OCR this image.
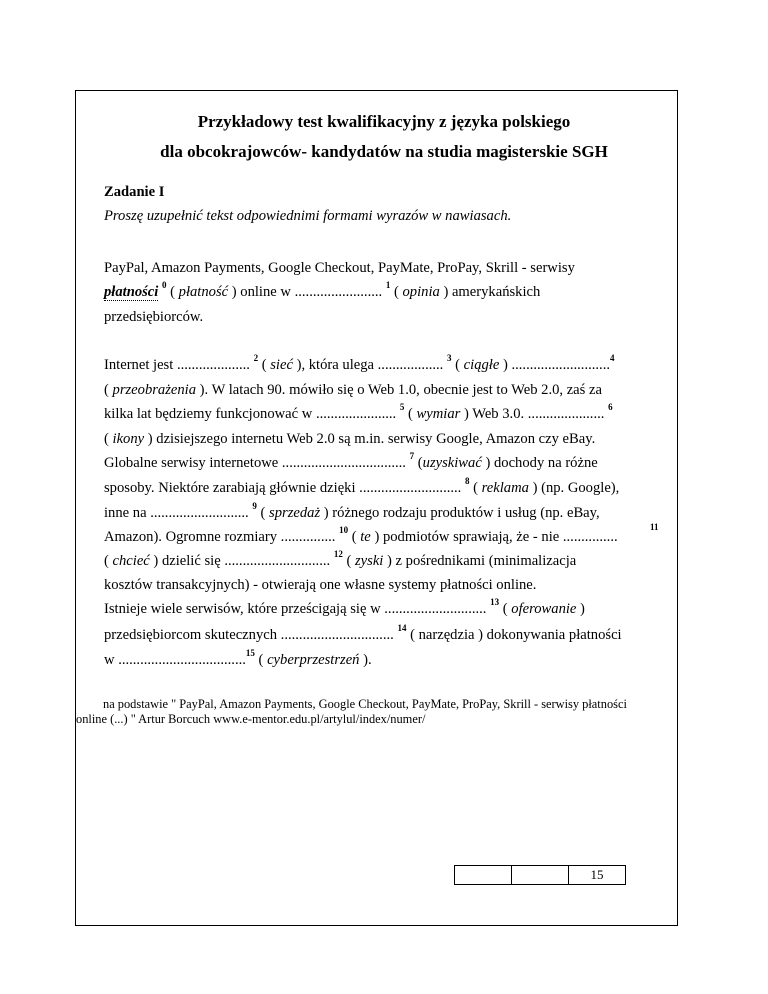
Przykładowy test kwalifikacyjny z języka polskiego
dla obcokrajowców- kandydatów na studia magisterskie SGH
Zadanie I
Proszę uzupełnić tekst odpowiednimi formami wyrazów w nawiasach.
PayPal, Amazon Payments, Google Checkout, PayMate, ProPay, Skrill - serwisy
płatności $^0$ ( płatność ) online w ........................ $^1$ ( opinia ) amerykańskich
przedsiębiorców.
Internet jest .................... $^2$ ( sieć ), która ulega .................. $^3$ ( ciągłe ) ...........................$^4$
( przeobrażenia ). W latach 90. mówiło się o Web 1.0, obecnie jest to Web 2.0, zaś za
kilka lat będziemy funkcjonować w ...................... $^5$ ( wymiar ) Web 3.0. ..................... $^6$
( ikony ) dzisiejszego internetu Web 2.0 są m.in. serwisy Google, Amazon czy eBay.
Globalne serwisy internetowe .................................. $^7$ (uzyskiwać ) dochody na różne
sposoby. Niektóre zarabiają głównie dzięki ............................ $^8$ ( reklama ) (np. Google),
inne na ........................... $^9$ ( sprzedaż ) różnego rodzaju produktów i usług (np. eBay,
Amazon). Ogromne rozmiary ............... $^{10}$ ( te ) podmiotów sprawiają, że - nie ...............
11
( chcieć ) dzielić się ............................. $^{12}$ ( zyski ) z pośrednikami (minimalizacja
kosztów transakcyjnych) - otwierają one własne systemy płatności online.
Istnieje wiele serwisów, które prześcigają się w ............................ $^{13}$ ( oferowanie )
przedsiębiorcom skutecznych ............................... $^{14}$ ( narzędzia ) dokonywania płatności
w ...................................$^{15}$ ( cyberprzestrzeń ).
na podstawie " PayPal, Amazon Payments, Google Checkout, PayMate, ProPay, Skrill - serwisy płatności
online (...) " Artur Borcuch www.e-mentor.edu.pl/artylul/index/numer/
		15
